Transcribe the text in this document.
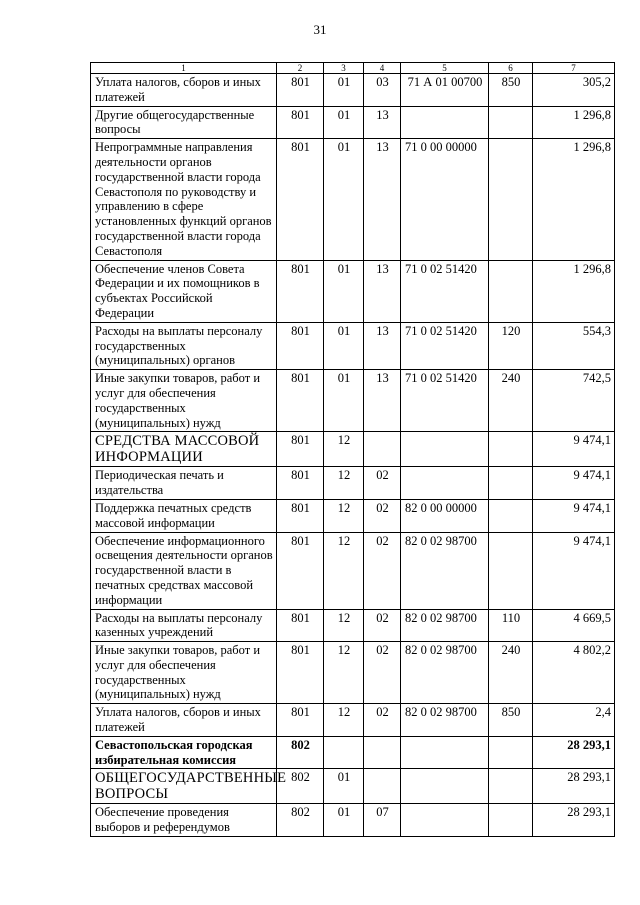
31
1	2	3	4	5	6	7
Уплата налогов, сборов и иных платежей	801	01	03	71 А 01 00700	850	305,2
Другие общегосударственные вопросы	801	01	13			1 296,8
Непрограммные направления деятельности органов государственной власти города Севастополя по руководству и управлению в сфере установленных функций органов государственной власти города Севастополя	801	01	13	71 0 00 00000		1 296,8
Обеспечение членов Совета Федерации и их помощников в субъектах Российской Федерации	801	01	13	71 0 02 51420		1 296,8
Расходы на выплаты персоналу государственных (муниципальных) органов	801	01	13	71 0 02 51420	120	554,3
Иные закупки товаров, работ и услуг для обеспечения государственных (муниципальных) нужд	801	01	13	71 0 02 51420	240	742,5
СРЕДСТВА МАССОВОЙ ИНФОРМАЦИИ	801	12				9 474,1
Периодическая печать и издательства	801	12	02			9 474,1
Поддержка печатных средств массовой информации	801	12	02	82 0 00 00000		9 474,1
Обеспечение информационного освещения деятельности органов государственной власти в печатных средствах массовой информации	801	12	02	82 0 02 98700		9 474,1
Расходы на выплаты персоналу казенных учреждений	801	12	02	82 0 02 98700	110	4 669,5
Иные закупки товаров, работ и услуг для обеспечения государственных (муниципальных) нужд	801	12	02	82 0 02 98700	240	4 802,2
Уплата налогов, сборов и иных платежей	801	12	02	82 0 02 98700	850	2,4
Севастопольская городская избирательная комиссия	802					28 293,1
ОБЩЕГОСУДАРСТВЕННЫЕ ВОПРОСЫ	802	01				28 293,1
Обеспечение проведения выборов и референдумов	802	01	07			28 293,1
